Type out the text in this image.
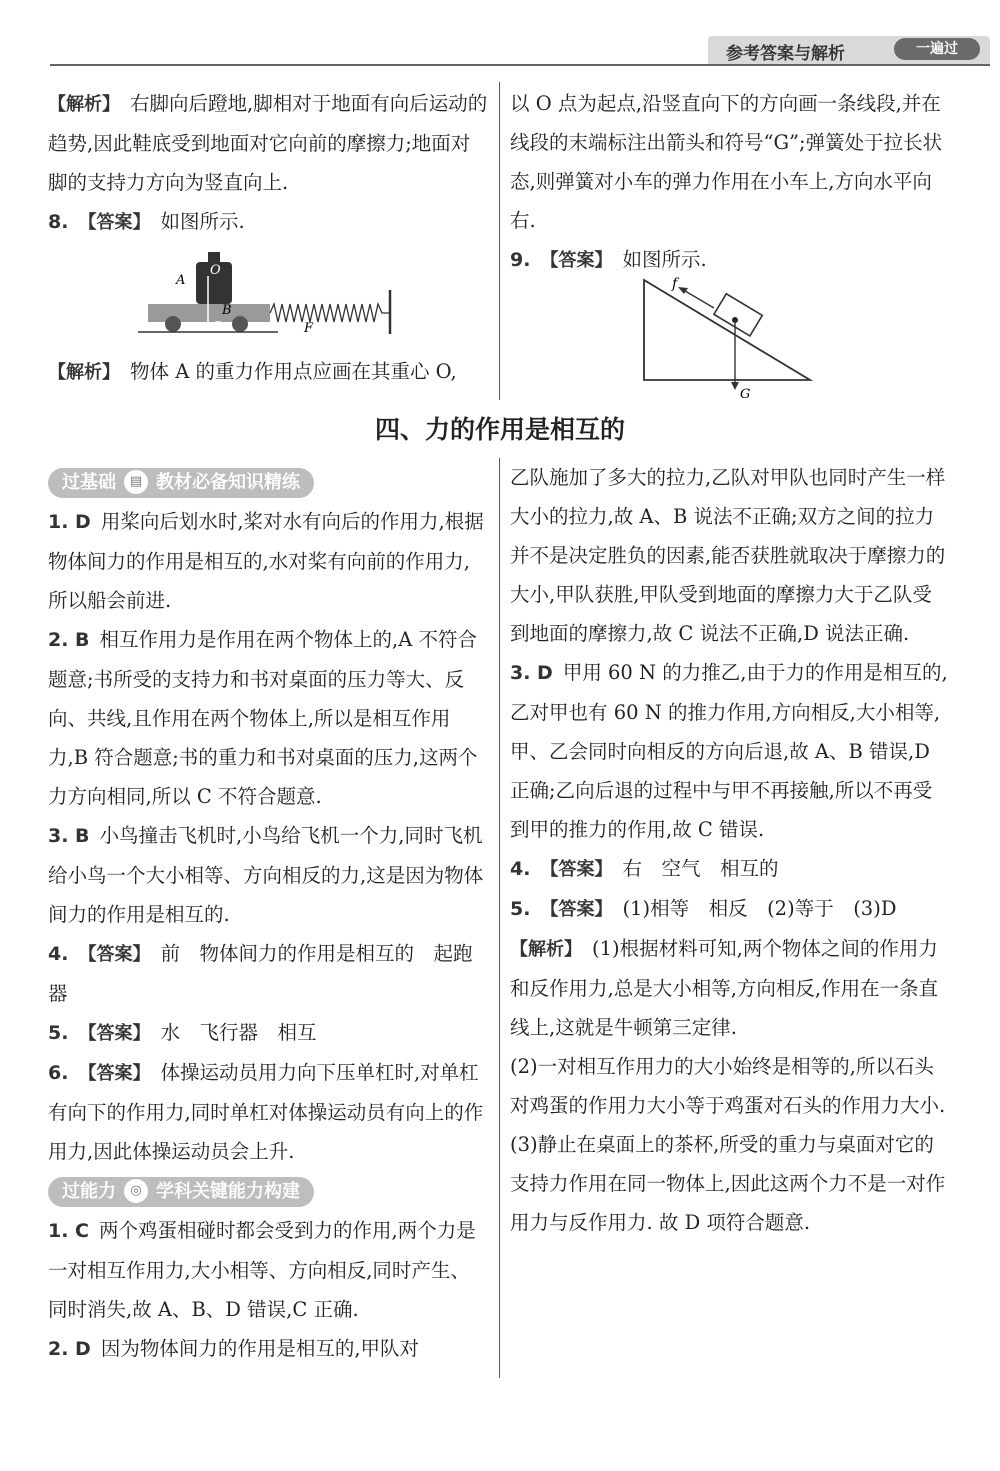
参考答案与解析	一遍过

【解析】 右脚向后蹬地,脚相对于地面有向后运动的趋势,因此鞋底受到地面对它向前的摩擦力;地面对脚的支持力方向为竖直向上.

8. 【答案】 如图所示.

A
O
B
G	F

【解析】 物体 A 的重力作用点应画在其重心 O,

以 O 点为起点,沿竖直向下的方向画一条线段,并在线段的末端标注出箭头和符号“G”;弹簧处于拉长状态,则弹簧对小车的弹力作用在小车上,方向水平向右.

9. 【答案】 如图所示.

f
G
四、力的作用是相互的
过基础 ▤ 教材必备知识精练

1. D 用桨向后划水时,桨对水有向后的作用力,根据物体间力的作用是相互的,水对桨有向前的作用力,所以船会前进.

2. B 相互作用力是作用在两个物体上的,A 不符合题意;书所受的支持力和书对桌面的压力等大、反向、共线,且作用在两个物体上,所以是相互作用力,B 符合题意;书的重力和书对桌面的压力,这两个力方向相同,所以 C 不符合题意.

3. B 小鸟撞击飞机时,小鸟给飞机一个力,同时飞机给小鸟一个大小相等、方向相反的力,这是因为物体间力的作用是相互的.

4. 【答案】 前　物体间力的作用是相互的　起跑器

5. 【答案】 水　飞行器　相互

6. 【答案】 体操运动员用力向下压单杠时,对单杠有向下的作用力,同时单杠对体操运动员有向上的作用力,因此体操运动员会上升.

过能力 ◎ 学科关键能力构建

1. C 两个鸡蛋相碰时都会受到力的作用,两个力是一对相互作用力,大小相等、方向相反,同时产生、同时消失,故 A、B、D 错误,C 正确.

2. D 因为物体间力的作用是相互的,甲队对

乙队施加了多大的拉力,乙队对甲队也同时产生一样大小的拉力,故 A、B 说法不正确;双方之间的拉力并不是决定胜负的因素,能否获胜就取决于摩擦力的大小,甲队获胜,甲队受到地面的摩擦力大于乙队受到地面的摩擦力,故 C 说法不正确,D 说法正确.

3. D 甲用 60 N 的力推乙,由于力的作用是相互的,乙对甲也有 60 N 的推力作用,方向相反,大小相等,甲、乙会同时向相反的方向后退,故 A、B 错误,D 正确;乙向后退的过程中与甲不再接触,所以不再受到甲的推力的作用,故 C 错误.

4. 【答案】 右　空气　相互的

5. 【答案】 (1)相等　相反　(2)等于　(3)D

【解析】 (1)根据材料可知,两个物体之间的作用力和反作用力,总是大小相等,方向相反,作用在一条直线上,这就是牛顿第三定律.

(2)一对相互作用力的大小始终是相等的,所以石头对鸡蛋的作用力大小等于鸡蛋对石头的作用力大小.

(3)静止在桌面上的茶杯,所受的重力与桌面对它的支持力作用在同一物体上,因此这两个力不是一对作用力与反作用力. 故 D 项符合题意.
